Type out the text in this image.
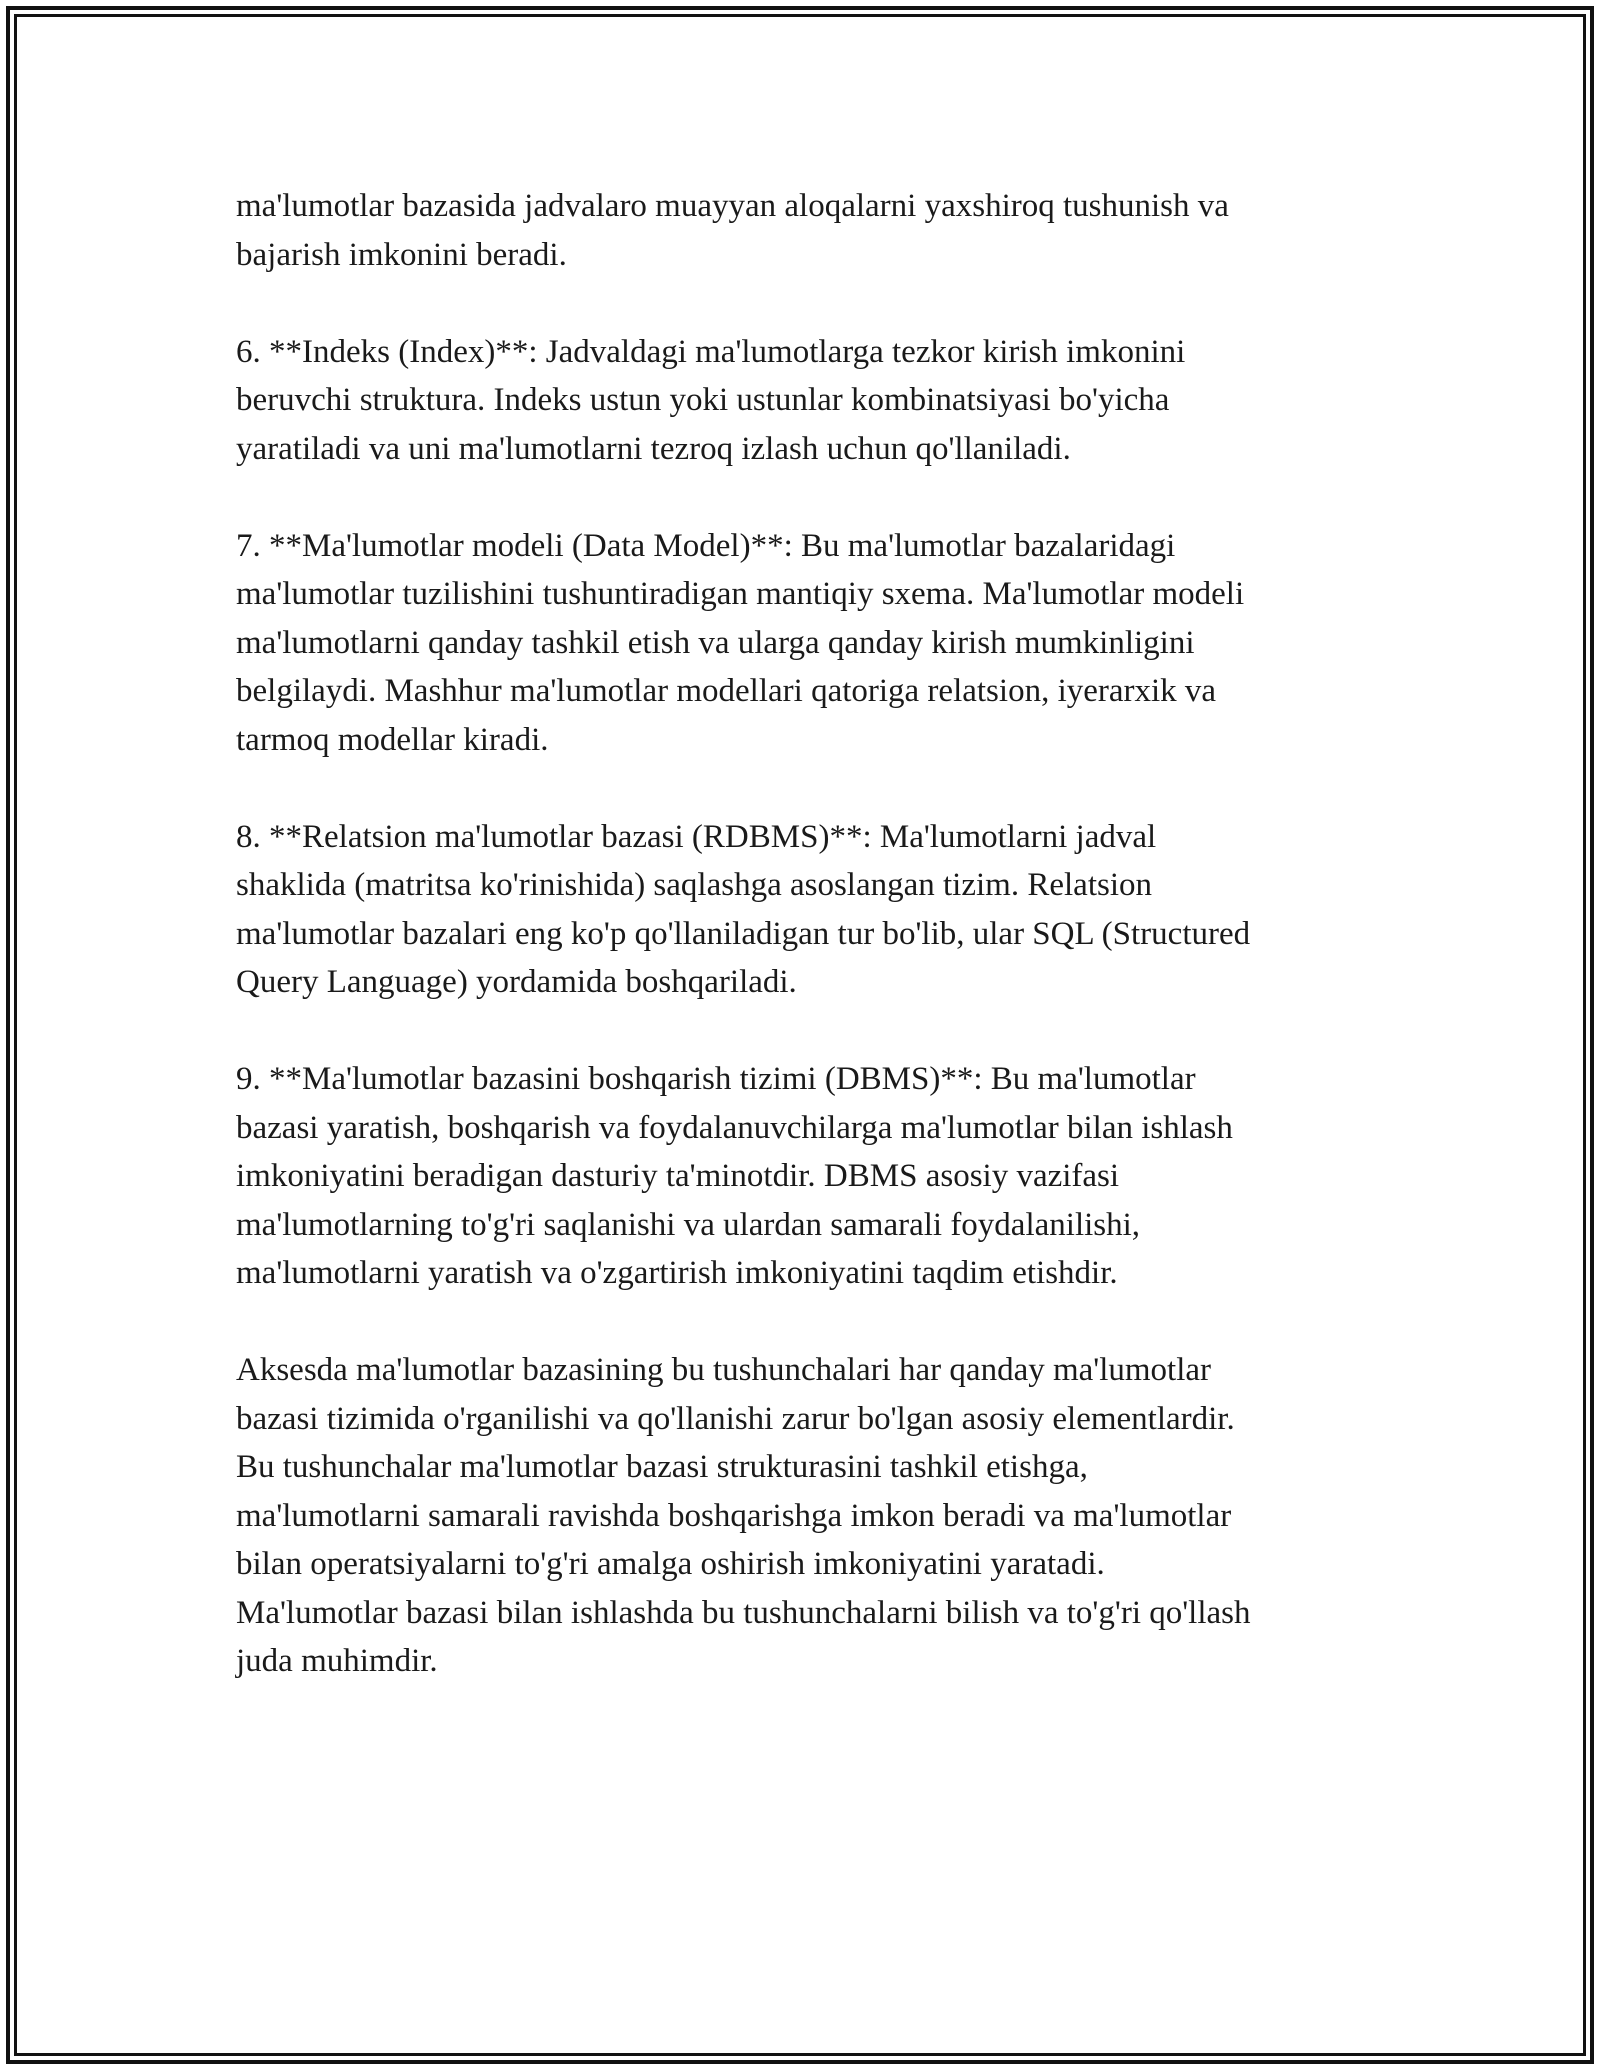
ma'lumotlar bazasida jadvalaro muayyan aloqalarni yaxshiroq tushunish va
bajarish imkonini beradi.

6. **Indeks (Index)**: Jadvaldagi ma'lumotlarga tezkor kirish imkonini
beruvchi struktura. Indeks ustun yoki ustunlar kombinatsiyasi bo'yicha
yaratiladi va uni ma'lumotlarni tezroq izlash uchun qo'llaniladi.

7. **Ma'lumotlar modeli (Data Model)**: Bu ma'lumotlar bazalaridagi
ma'lumotlar tuzilishini tushuntiradigan mantiqiy sxema. Ma'lumotlar modeli
ma'lumotlarni qanday tashkil etish va ularga qanday kirish mumkinligini
belgilaydi. Mashhur ma'lumotlar modellari qatoriga relatsion, iyerarxik va
tarmoq modellar kiradi.

8. **Relatsion ma'lumotlar bazasi (RDBMS)**: Ma'lumotlarni jadval
shaklida (matritsa ko'rinishida) saqlashga asoslangan tizim. Relatsion
ma'lumotlar bazalari eng ko'p qo'llaniladigan tur bo'lib, ular SQL (Structured
Query Language) yordamida boshqariladi.

9. **Ma'lumotlar bazasini boshqarish tizimi (DBMS)**: Bu ma'lumotlar
bazasi yaratish, boshqarish va foydalanuvchilarga ma'lumotlar bilan ishlash
imkoniyatini beradigan dasturiy ta'minotdir. DBMS asosiy vazifasi
ma'lumotlarning to'g'ri saqlanishi va ulardan samarali foydalanilishi,
ma'lumotlarni yaratish va o'zgartirish imkoniyatini taqdim etishdir.

Aksesda ma'lumotlar bazasining bu tushunchalari har qanday ma'lumotlar
bazasi tizimida o'rganilishi va qo'llanishi zarur bo'lgan asosiy elementlardir.
Bu tushunchalar ma'lumotlar bazasi strukturasini tashkil etishga,
ma'lumotlarni samarali ravishda boshqarishga imkon beradi va ma'lumotlar
bilan operatsiyalarni to'g'ri amalga oshirish imkoniyatini yaratadi.
Ma'lumotlar bazasi bilan ishlashda bu tushunchalarni bilish va to'g'ri qo'llash
juda muhimdir.
